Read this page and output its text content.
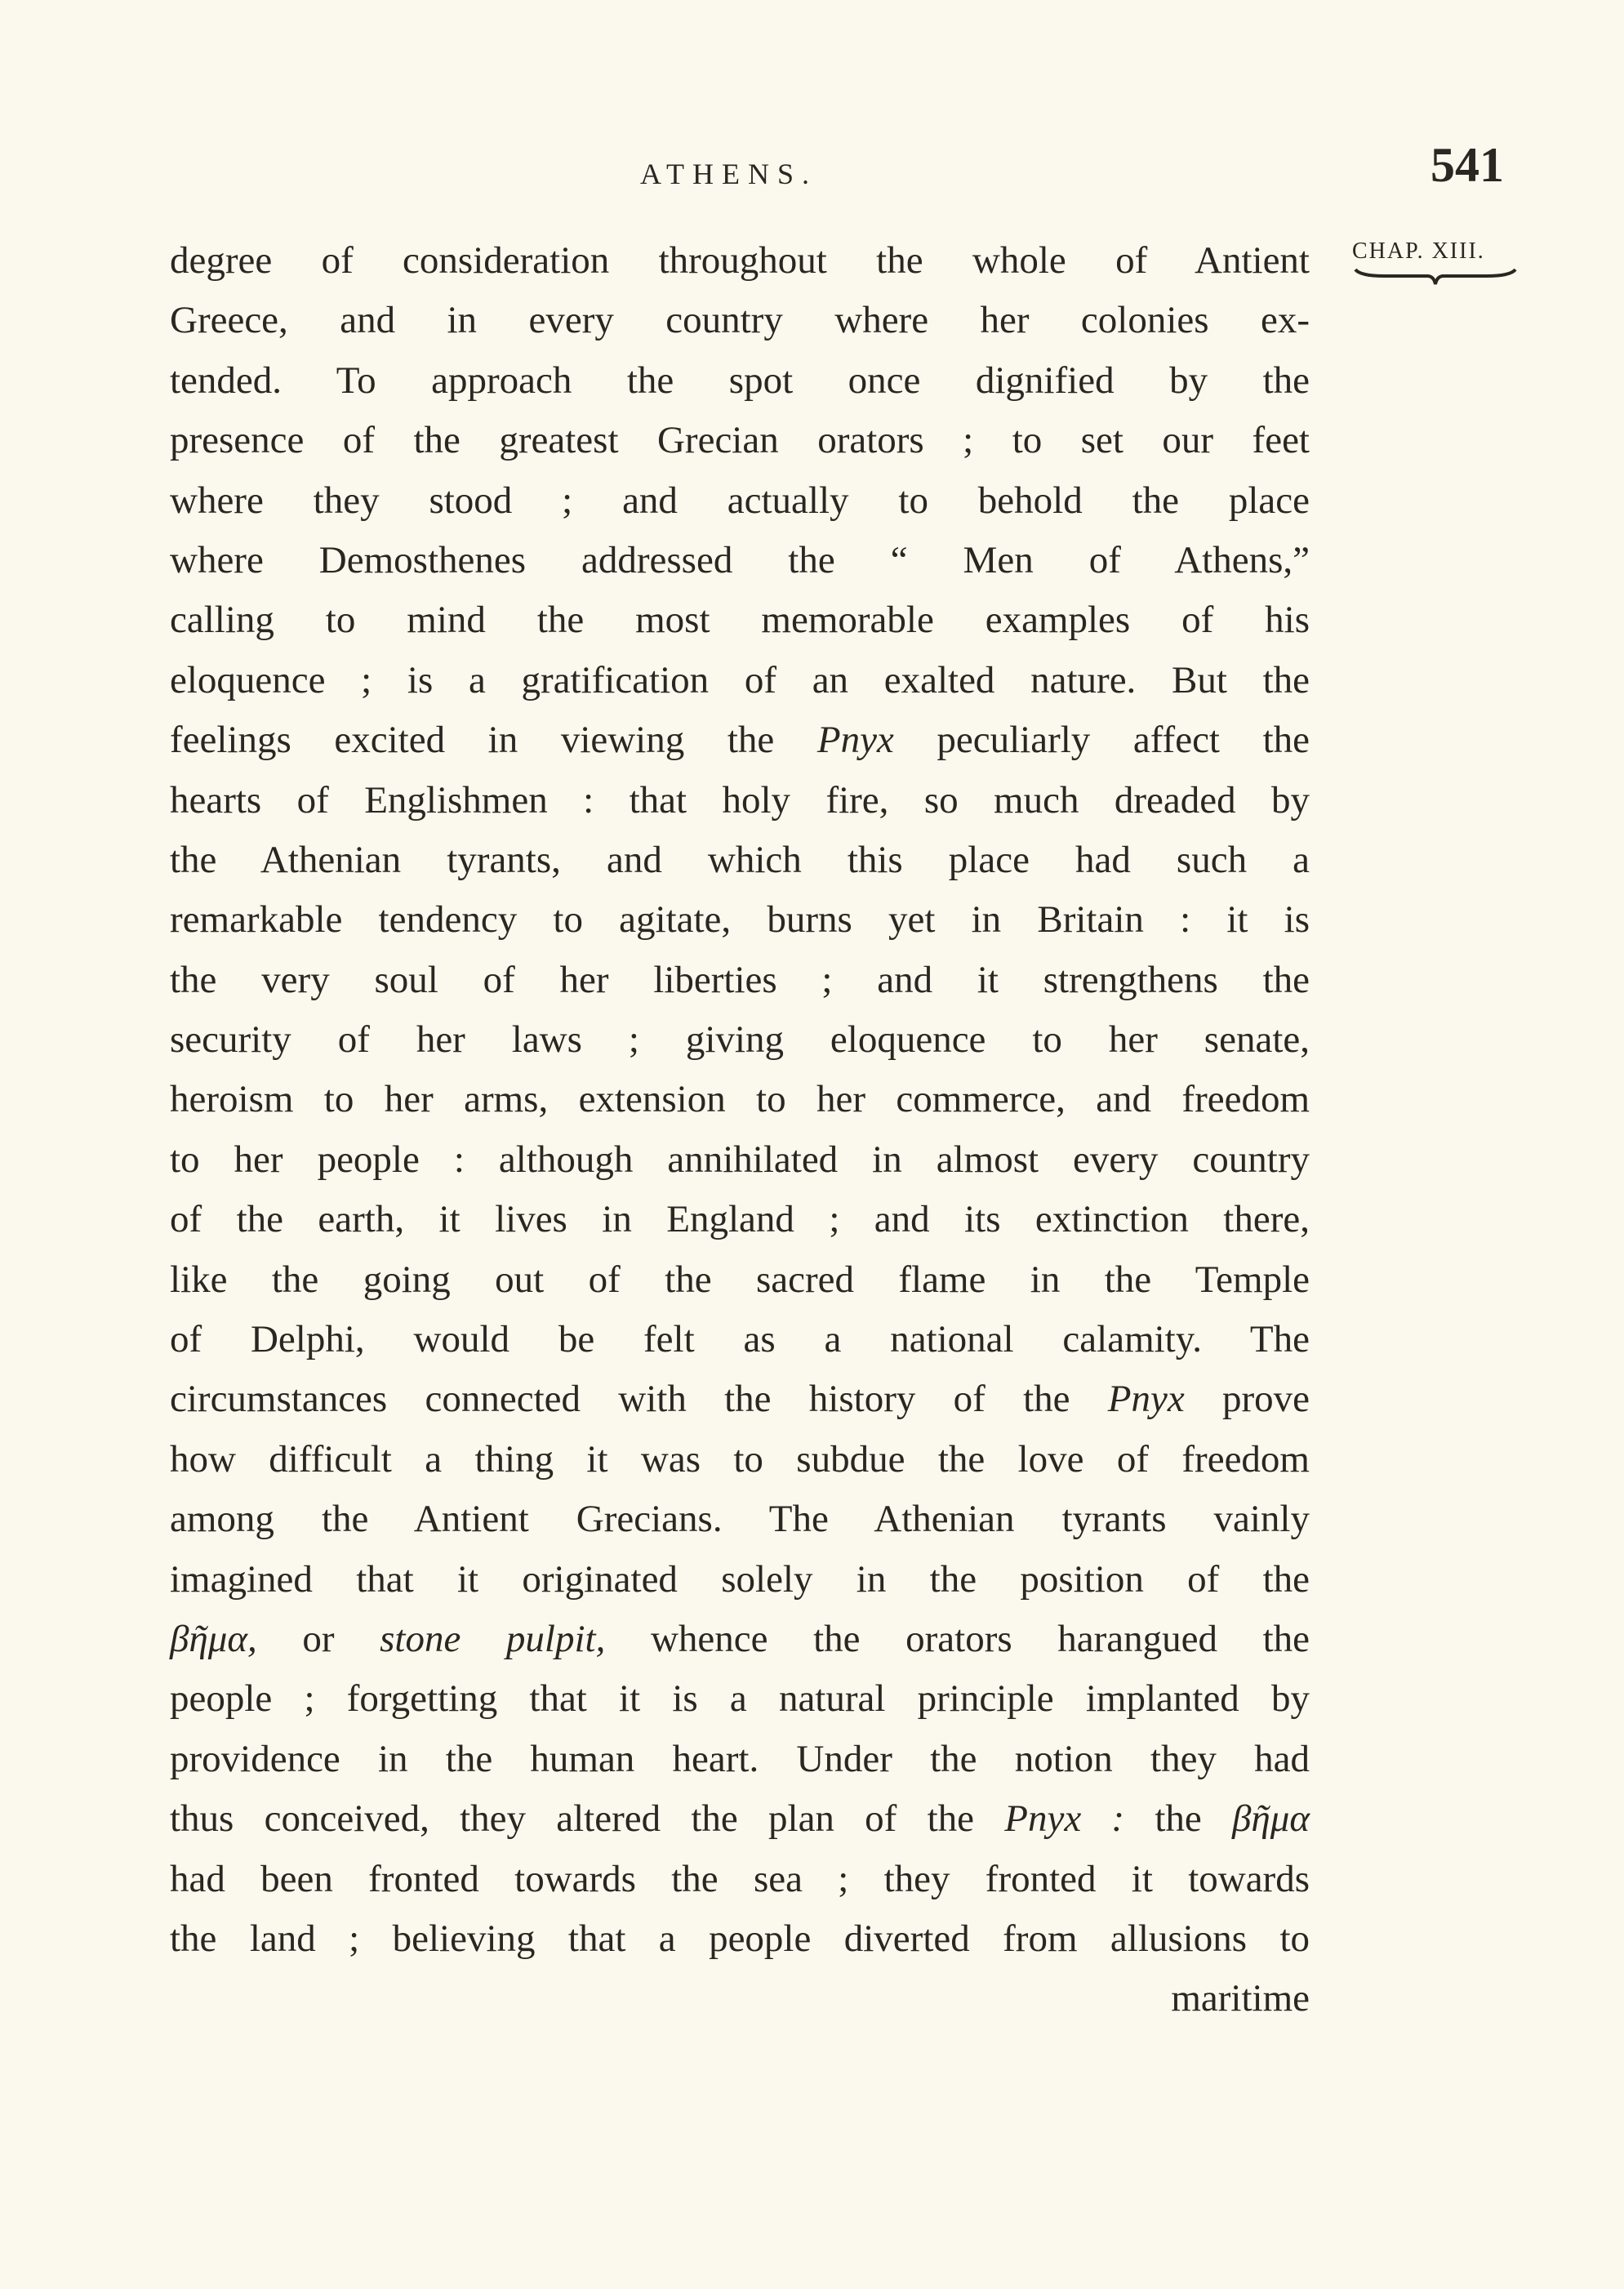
ATHENS.	541
CHAP. XIII.
degree of consideration throughout the whole of Antient
Greece, and in every country where her colonies ex-
tended. To approach the spot once dignified by the
presence of the greatest Grecian orators ; to set our feet
where they stood ; and actually to behold the place
where Demosthenes addressed the “ Men of Athens,”
calling to mind the most memorable examples of his
eloquence ; is a gratification of an exalted nature. But the
feelings excited in viewing the Pnyx peculiarly affect the
hearts of Englishmen : that holy fire, so much dreaded by
the Athenian tyrants, and which this place had such a
remarkable tendency to agitate, burns yet in Britain : it is
the very soul of her liberties ; and it strengthens the
security of her laws ; giving eloquence to her senate,
heroism to her arms, extension to her commerce, and freedom
to her people : although annihilated in almost every country
of the earth, it lives in England ; and its extinction there,
like the going out of the sacred flame in the Temple
of Delphi, would be felt as a national calamity. The
circumstances connected with the history of the Pnyx prove
how difficult a thing it was to subdue the love of freedom
among the Antient Grecians. The Athenian tyrants vainly
imagined that it originated solely in the position of the
βῆμα, or stone pulpit, whence the orators harangued the
people ; forgetting that it is a natural principle implanted by
providence in the human heart. Under the notion they had
thus conceived, they altered the plan of the Pnyx : the βῆμα
had been fronted towards the sea ; they fronted it towards
the land ; believing that a people diverted from allusions to
maritime
